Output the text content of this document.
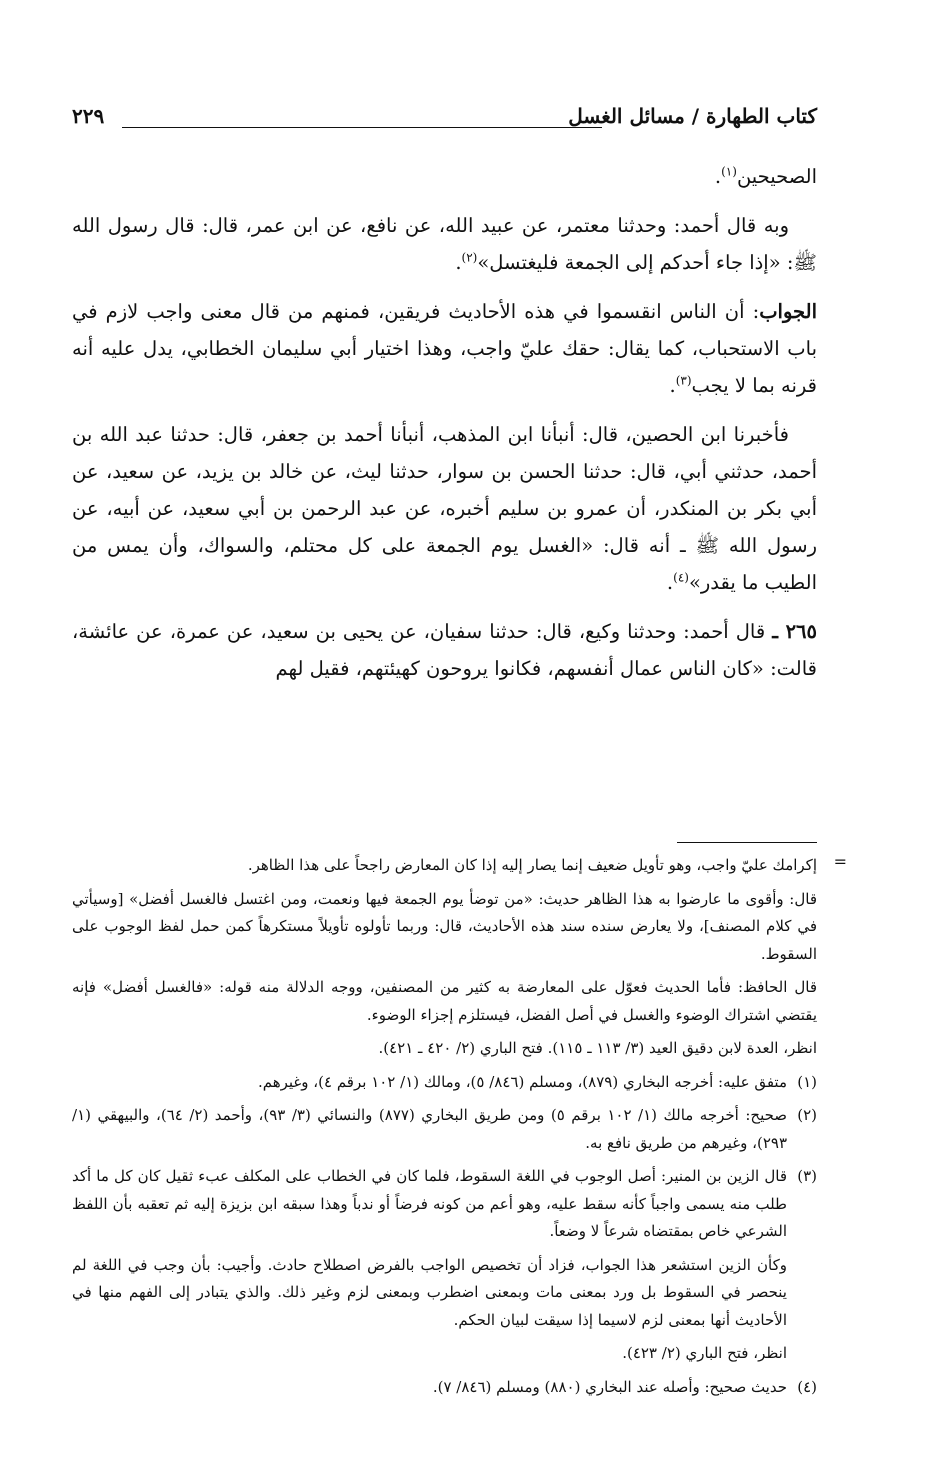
كتاب الطهارة / مسائل الغسل
٢٢٩

الصحيحين$^{(١)}$.

وبه قال أحمد: وحدثنا معتمر، عن عبيد الله، عن نافع، عن ابن عمر، قال: قال رسول الله ﷺ: «إذا جاء أحدكم إلى الجمعة فليغتسل»$^{(٢)}$.

الجواب: أن الناس انقسموا في هذه الأحاديث فريقين، فمنهم من قال معنى واجب لازم في باب الاستحباب، كما يقال: حقك عليّ واجب، وهذا اختيار أبي سليمان الخطابي، يدل عليه أنه قرنه بما لا يجب$^{(٣)}$.

فأخبرنا ابن الحصين، قال: أنبأنا ابن المذهب، أنبأنا أحمد بن جعفر، قال: حدثنا عبد الله بن أحمد، حدثني أبي، قال: حدثنا الحسن بن سوار، حدثنا ليث، عن خالد بن يزيد، عن سعيد، عن أبي بكر بن المنكدر، أن عمرو بن سليم أخبره، عن عبد الرحمن بن أبي سعيد، عن أبيه، عن رسول الله ﷺ ـ أنه قال: «الغسل يوم الجمعة على كل محتلم، والسواك، وأن يمس من الطيب ما يقدر»$^{(٤)}$.

٢٦٥ ـ قال أحمد: وحدثنا وكيع، قال: حدثنا سفيان، عن يحيى بن سعيد، عن عمرة، عن عائشة، قالت: «كان الناس عمال أنفسهم، فكانوا يروحون كهيئتهم، فقيل لهم

=

إكرامك عليّ واجب، وهو تأويل ضعيف إنما يصار إليه إذا كان المعارض راجحاً على هذا الظاهر.

قال: وأقوى ما عارضوا به هذا الظاهر حديث: «من توضأ يوم الجمعة فيها ونعمت، ومن اغتسل فالغسل أفضل» [وسيأتي في كلام المصنف]، ولا يعارض سنده سند هذه الأحاديث، قال: وربما تأولوه تأويلاً مستكرهاً كمن حمل لفظ الوجوب على السقوط.

قال الحافظ: فأما الحديث فعوّل على المعارضة به كثير من المصنفين، ووجه الدلالة منه قوله: «فالغسل أفضل» فإنه يقتضي اشتراك الوضوء والغسل في أصل الفضل، فيستلزم إجزاء الوضوء.

انظر، العدة لابن دقيق العيد (٣/ ١١٣ ـ ١١٥). فتح الباري (٢/ ٤٢٠ ـ ٤٢١).

(١)
متفق عليه: أخرجه البخاري (٨٧٩)، ومسلم (٨٤٦/ ٥)، ومالك (١/ ١٠٢ برقم ٤)، وغيرهم.

(٢)
صحيح: أخرجه مالك (١/ ١٠٢ برقم ٥) ومن طريق البخاري (٨٧٧) والنسائي (٣/ ٩٣)، وأحمد (٢/ ٦٤)، والبيهقي (١/ ٢٩٣)، وغيرهم من طريق نافع به.

(٣)
قال الزين بن المنير: أصل الوجوب في اللغة السقوط، فلما كان في الخطاب على المكلف عبء ثقيل كان كل ما أكد طلب منه يسمى واجباً كأنه سقط عليه، وهو أعم من كونه فرضاً أو ندباً وهذا سبقه ابن بزيزة إليه ثم تعقبه بأن اللفظ الشرعي خاص بمقتضاه شرعاً لا وضعاً.

وكأن الزين استشعر هذا الجواب، فزاد أن تخصيص الواجب بالفرض اصطلاح حادث. وأجيب: بأن وجب في اللغة لم ينحصر في السقوط بل ورد بمعنى مات وبمعنى اضطرب وبمعنى لزم وغير ذلك. والذي يتبادر إلى الفهم منها في الأحاديث أنها بمعنى لزم لاسيما إذا سيقت لبيان الحكم.

انظر، فتح الباري (٢/ ٤٢٣).

(٤)
حديث صحيح: وأصله عند البخاري (٨٨٠) ومسلم (٨٤٦/ ٧).
